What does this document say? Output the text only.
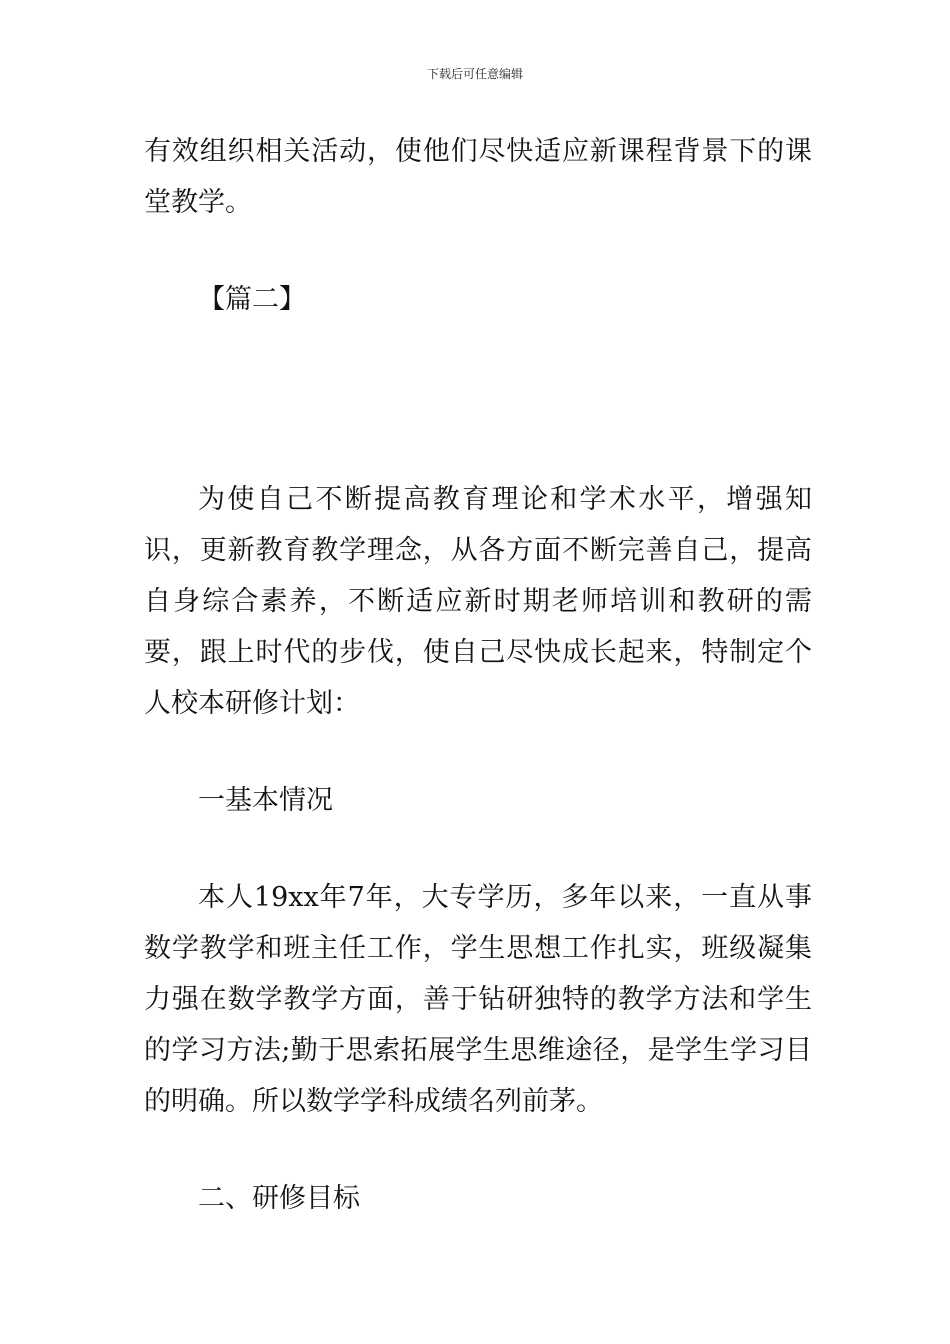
下载后可任意编辑

有效组织相关活动，使他们尽快适应新课程背景下的课堂教学。

【篇二】

为使自己不断提高教育理论和学术水平，增强知识，更新教育教学理念，从各方面不断完善自己，提高自身综合素养，不断适应新时期老师培训和教研的需要，跟上时代的步伐，使自己尽快成长起来，特制定个人校本研修计划：

一基本情况

本人19xx年7年，大专学历，多年以来，一直从事数学教学和班主任工作，学生思想工作扎实，班级凝集力强在数学教学方面，善于钻研独特的教学方法和学生的学习方法;勤于思索拓展学生思维途径，是学生学习目的明确。所以数学学科成绩名列前茅。

二、研修目标
